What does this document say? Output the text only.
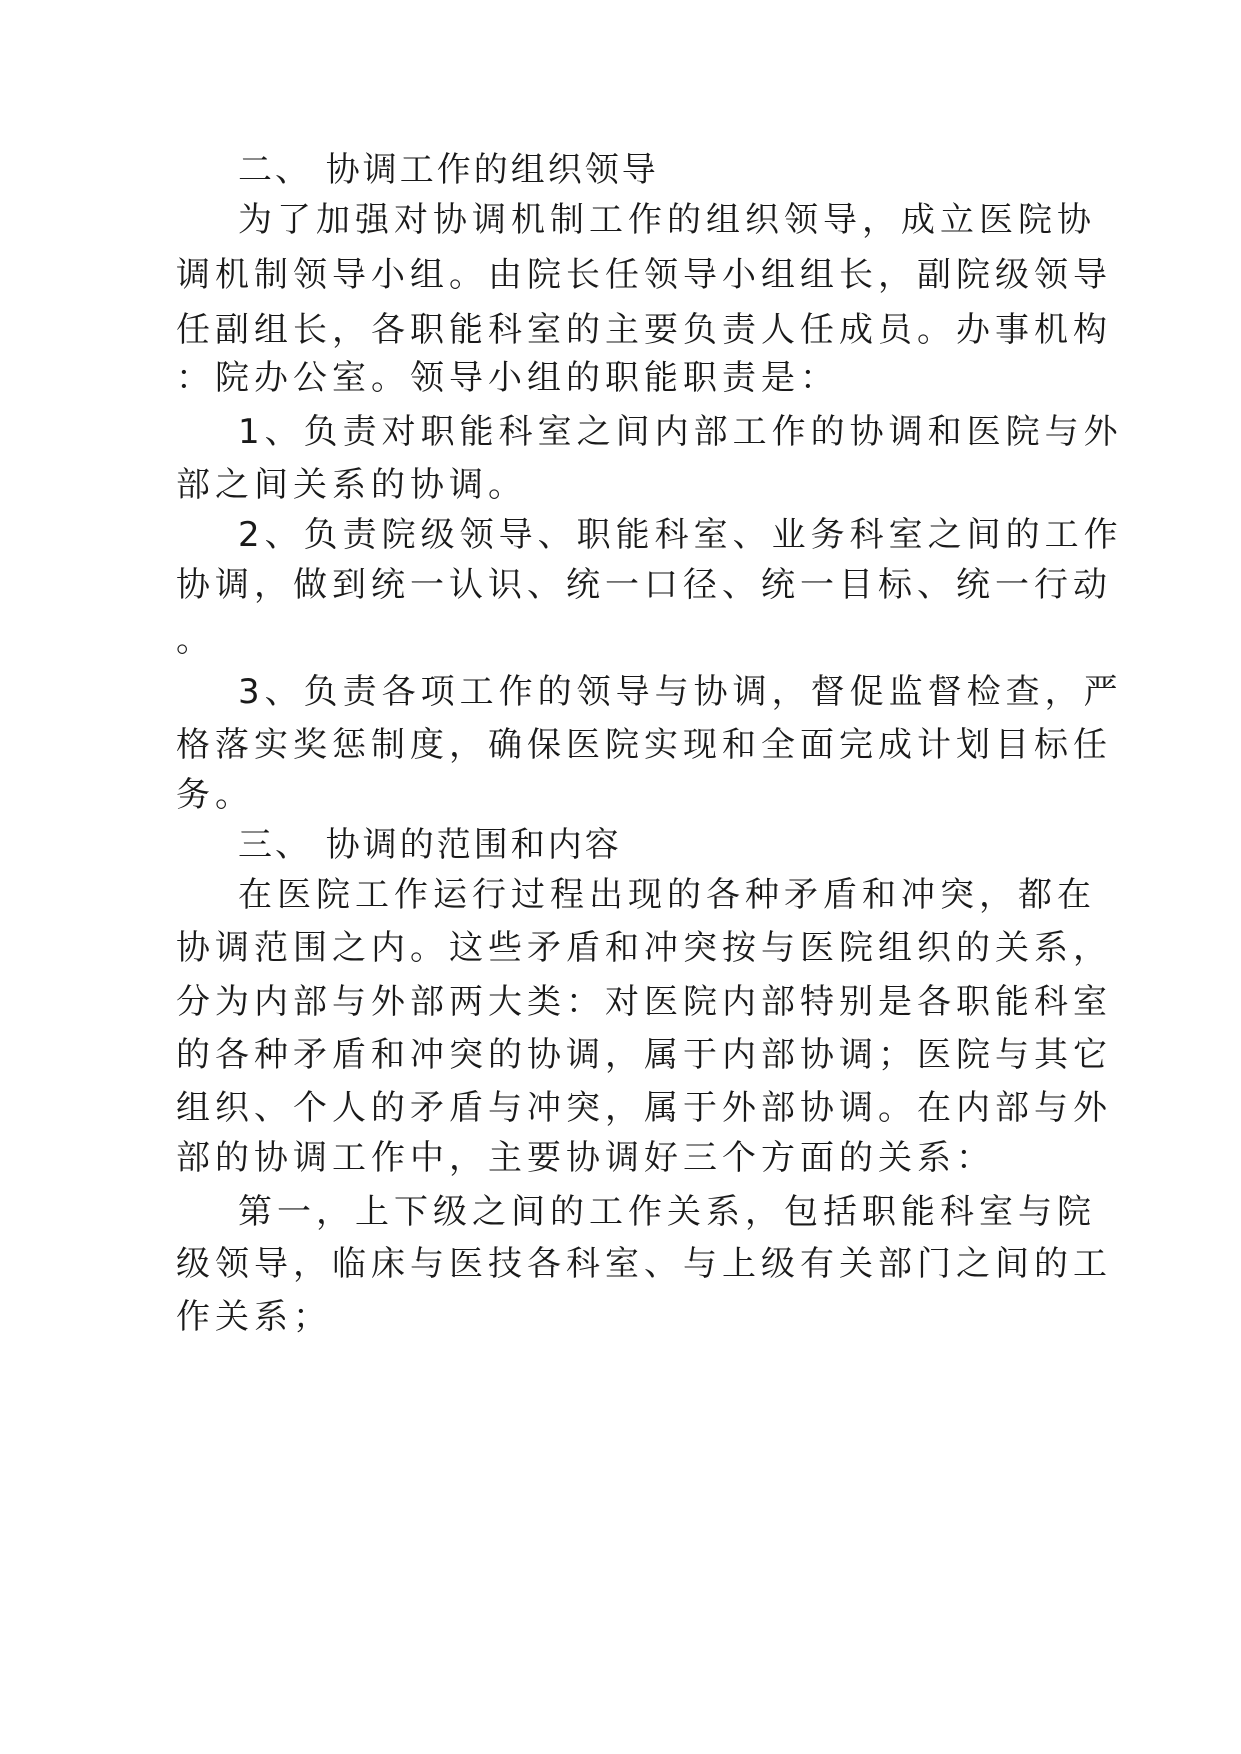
二、 协调工作的组织领导
为了加强对协调机制工作的组织领导，成立医院协
调机制领导小组。由院长任领导小组组长，副院级领导
任副组长，各职能科室的主要负责人任成员。办事机构
：院办公室。领导小组的职能职责是：
1、负责对职能科室之间内部工作的协调和医院与外
部之间关系的协调。
2、负责院级领导、职能科室、业务科室之间的工作
协调，做到统一认识、统一口径、统一目标、统一行动
。
3、负责各项工作的领导与协调，督促监督检查，严
格落实奖惩制度，确保医院实现和全面完成计划目标任
务。
三、 协调的范围和内容
在医院工作运行过程出现的各种矛盾和冲突，都在
协调范围之内。这些矛盾和冲突按与医院组织的关系，
分为内部与外部两大类：对医院内部特别是各职能科室
的各种矛盾和冲突的协调，属于内部协调；医院与其它
组织、个人的矛盾与冲突，属于外部协调。在内部与外
部的协调工作中，主要协调好三个方面的关系：
第一，上下级之间的工作关系，包括职能科室与院
级领导，临床与医技各科室、与上级有关部门之间的工
作关系；
